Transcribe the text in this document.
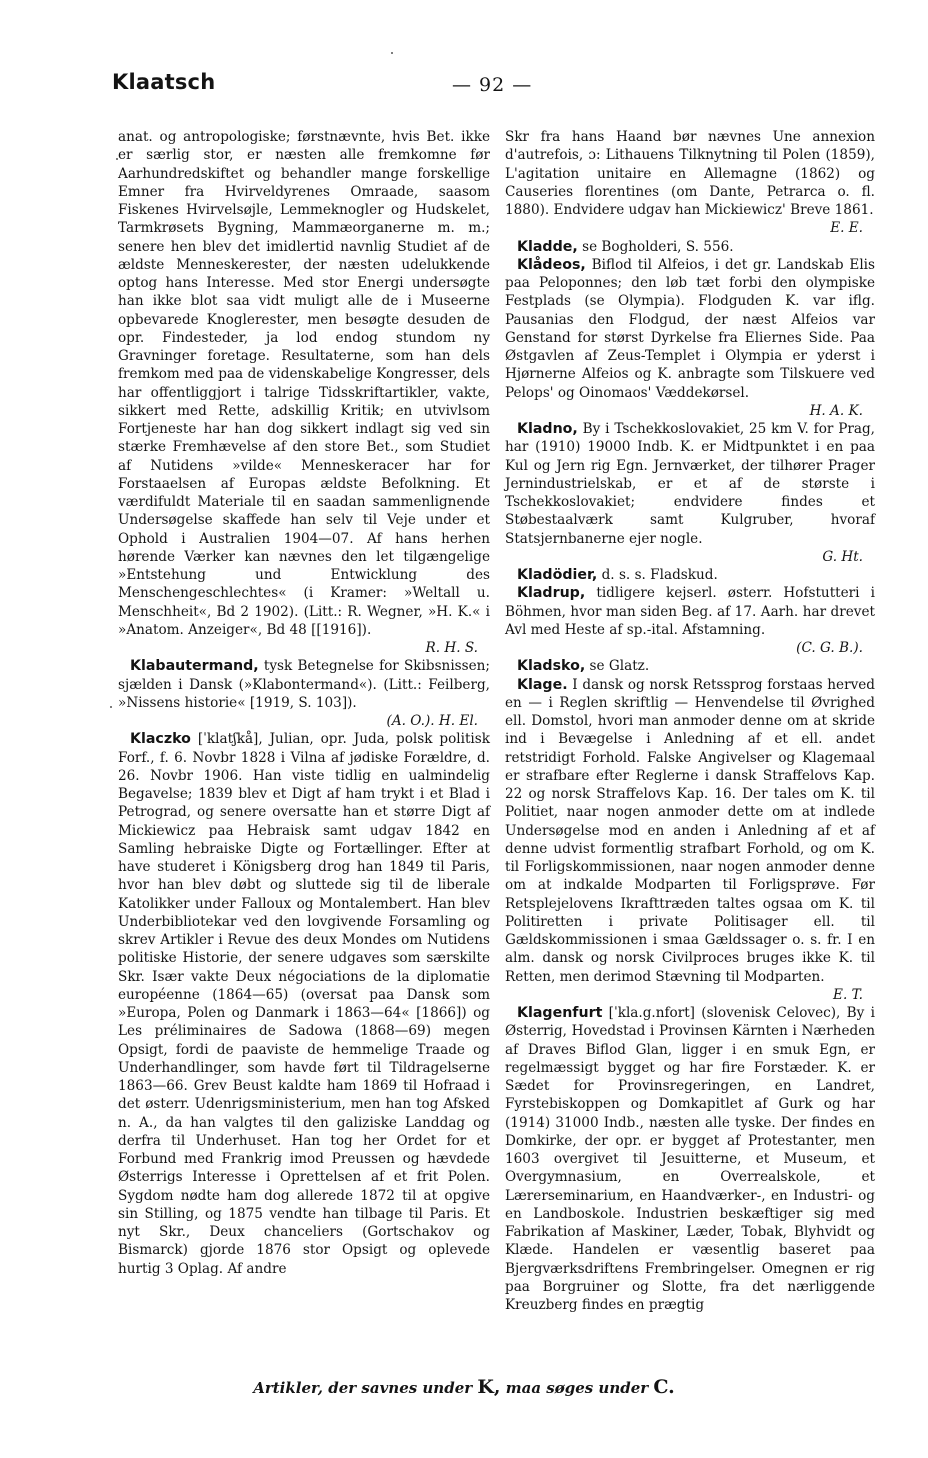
Klaatsch	— 92 —

anat. og antropologiske; førstnævnte, hvis Bet. ikke er særlig stor, er næsten alle fremkomne før Aarhundredskiftet og behandler mange forskellige Emner fra Hvirveldyrenes Omraade, saasom Fiskenes Hvirvelsøjle, Lemmeknogler og Hudskelet, Tarmkrøsets Bygning, Mammæorganerne m. m.; senere hen blev det imidlertid navnlig Studiet af de ældste Menneskerester, der næsten udelukkende optog hans Interesse. Med stor Energi undersøgte han ikke blot saa vidt muligt alle de i Museerne opbevarede Knoglerester, men besøgte desuden de opr. Findesteder, ja lod endog stundom ny Gravninger foretage. Resultaterne, som han dels fremkom med paa de videnskabelige Kongresser, dels har offentliggjort i talrige Tidsskriftartikler, vakte, sikkert med Rette, adskillig Kritik; en utvivlsom Fortjeneste har han dog sikkert indlagt sig ved sin stærke Fremhævelse af den store Bet., som Studiet af Nutidens »vilde« Menneskeracer har for Forstaaelsen af Europas ældste Befolkning. Et værdifuldt Materiale til en saadan sammenlignende Undersøgelse skaffede han selv til Veje under et Ophold i Australien 1904—07. Af hans herhen hørende Værker kan nævnes den let tilgængelige »Entstehung und Entwicklung des Menschengeschlechtes« (i Kramer: »Weltall u. Menschheit«, Bd 2 1902). (Litt.: R. Wegner, »H. K.« i »Anatom. Anzeiger«, Bd 48 [[1916]).

R. H. S.

Klabautermand, tysk Betegnelse for Skibsnissen; sjælden i Dansk (»Klabontermand«). (Litt.: Feilberg, »Nissens historie« [1919, S. 103]).

(A. O.). H. El.

Klaczko [ˈklatʃkå], Julian, opr. Juda, polsk politisk Forf., f. 6. Novbr 1828 i Vilna af jødiske Forældre, d. 26. Novbr 1906. Han viste tidlig en ualmindelig Begavelse; 1839 blev et Digt af ham trykt i et Blad i Petrograd, og senere oversatte han et større Digt af Mickiewicz paa Hebraisk samt udgav 1842 en Samling hebraiske Digte og Fortællinger. Efter at have studeret i Königsberg drog han 1849 til Paris, hvor han blev døbt og sluttede sig til de liberale Katolikker under Falloux og Montalembert. Han blev Underbibliotekar ved den lovgivende Forsamling og skrev Artikler i Revue des deux Mondes om Nutidens politiske Historie, der senere udgaves som særskilte Skr. Især vakte Deux négociations de la diplomatie européenne (1864—65) (oversat paa Dansk som »Europa, Polen og Danmark i 1863—64« [1866]) og Les préliminaires de Sadowa (1868—69) megen Opsigt, fordi de paaviste de hemmelige Traade og Underhandlinger, som havde ført til Tildragelserne 1863—66. Grev Beust kaldte ham 1869 til Hofraad i det østerr. Udenrigsministerium, men han tog Afsked n. A., da han valgtes til den galiziske Landdag og derfra til Underhuset. Han tog her Ordet for et Forbund med Frankrig imod Preussen og hævdede Østerrigs Interesse i Oprettelsen af et frit Polen. Sygdom nødte ham dog allerede 1872 til at opgive sin Stilling, og 1875 vendte han tilbage til Paris. Et nyt Skr., Deux chanceliers (Gortschakov og Bismarck) gjorde 1876 stor Opsigt og oplevede hurtig 3 Oplag. Af andre

Skr fra hans Haand bør nævnes Une annexion d'autrefois, ɔ: Lithauens Tilknytning til Polen (1859), L'agitation unitaire en Allemagne (1862) og Causeries florentines (om Dante, Petrarca o. fl. 1880). Endvidere udgav han Mickiewicz' Breve 1861.

E. E.

Kladde, se Bogholderi, S. 556.

Klådeos, Biflod til Alfeios, i det gr. Landskab Elis paa Peloponnes; den løb tæt forbi den olympiske Festplads (se Olympia). Flodguden K. var iflg. Pausanias den Flodgud, der næst Alfeios var Genstand for størst Dyrkelse fra Eliernes Side. Paa Østgavlen af Zeus-Templet i Olympia er yderst i Hjørnerne Alfeios og K. anbragte som Tilskuere ved Pelops' og Oinomaos' Væddekørsel.

H. A. K.

Kladno, By i Tschekkoslovakiet, 25 km V. for Prag, har (1910) 19000 Indb. K. er Midtpunktet i en paa Kul og Jern rig Egn. Jernværket, der tilhører Prager Jernindustrielskab, er et af de største i Tschekkoslovakiet; endvidere findes et Støbestaalværk samt Kulgruber, hvoraf Statsjernbanerne ejer nogle.

G. Ht.

Kladödier, d. s. s. Fladskud.

Kladrup, tidligere kejserl. østerr. Hofstutteri i Böhmen, hvor man siden Beg. af 17. Aarh. har drevet Avl med Heste af sp.-ital. Afstamning.

(C. G. B.).

Kladsko, se Glatz.

Klage. I dansk og norsk Retssprog forstaas herved en — i Reglen skriftlig — Henvendelse til Øvrighed ell. Domstol, hvori man anmoder denne om at skride ind i Bevægelse i Anledning af et ell. andet retstridigt Forhold. Falske Angivelser og Klagemaal er strafbare efter Reglerne i dansk Straffelovs Kap. 22 og norsk Straffelovs Kap. 16. Der tales om K. til Politiet, naar nogen anmoder dette om at indlede Undersøgelse mod en anden i Anledning af et af denne udvist formentlig strafbart Forhold, og om K. til Forligskommissionen, naar nogen anmoder denne om at indkalde Modparten til Forligsprøve. Før Retsplejelovens Ikrafttræden taltes ogsaa om K. til Politiretten i private Politisager ell. til Gældskommissionen i smaa Gældssager o. s. fr. I en alm. dansk og norsk Civilproces bruges ikke K. til Retten, men derimod Stævning til Modparten.

E. T.

Klagenfurt [ˈkla.g.nfort] (slovenisk Celovec), By i Østerrig, Hovedstad i Provinsen Kärnten i Nærheden af Draves Biflod Glan, ligger i en smuk Egn, er regelmæssigt bygget og har fire Forstæder. K. er Sædet for Provinsregeringen, en Landret, Fyrstebiskoppen og Domkapitlet af Gurk og har (1914) 31000 Indb., næsten alle tyske. Der findes en Domkirke, der opr. er bygget af Protestanter, men 1603 overgivet til Jesuitterne, et Museum, et Overgymnasium, en Overrealskole, et Lærerseminarium, en Haandværker-, en Industri- og en Landboskole. Industrien beskæftiger sig med Fabrikation af Maskiner, Læder, Tobak, Blyhvidt og Klæde. Handelen er væsentlig baseret paa Bjergværksdriftens Frembringelser. Omegnen er rig paa Borgruiner og Slotte, fra det nærliggende Kreuzberg findes en prægtig

Artikler, der savnes under K, maa søges under C.
